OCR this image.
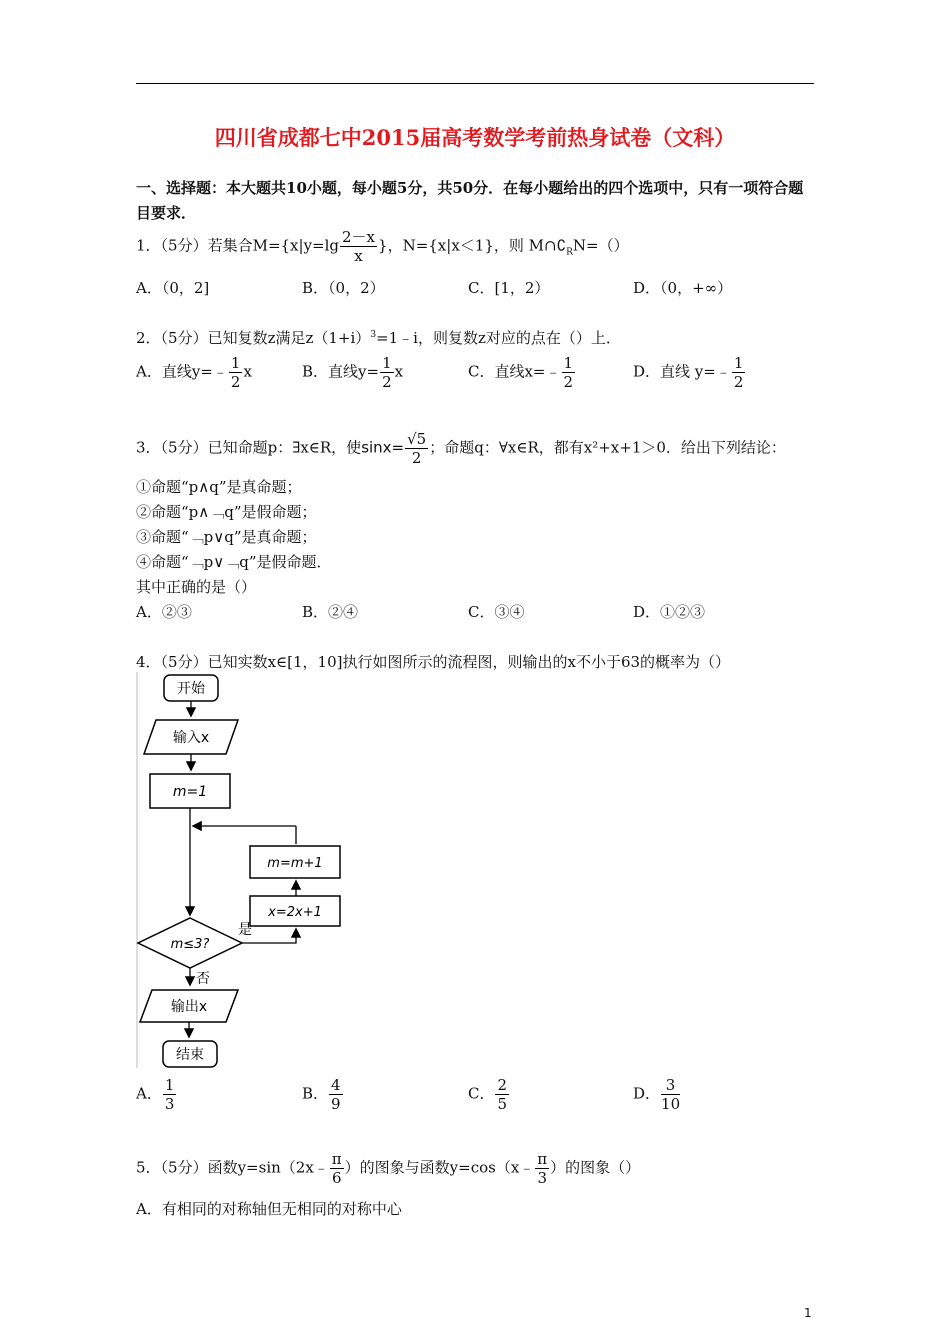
四川省成都七中2015届高考数学考前热身试卷（文科）
一、选择题：本大题共10小题，每小题5分，共50分．在每小题给出的四个选项中，只有一项符合题目要求．
1．（5分）若集合$M=\{x|y=\lg \frac{2-x}{x}$ }，N={x|x＜1}，则 $M\cap∁_RN=()$
A．（0，2]	B．（0，2）	C．[1，2）	D．（0，+∞）
2．（5分）已知复数z满足$z(1+i)^3=1﹣i$，则复数z对应的点在（）上．
A．直线y=﹣ $\frac{1}{2}$ x	B．直线$y= \frac{1}{2}$ x	C．直线x=﹣ $\frac{1}{2}$	D．直线 y=﹣ $\frac{1}{2}$
3．（5分）已知命题p：∃x∈R，使$\sin x= \frac{√5}{2}$ ；命题q：∀x∈R，都有x²+x+1＞0．给出下列结论：
①命题“p∧q”是真命题；
②命题“p∧﹁q”是假命题；
③命题“﹁p∨q”是真命题；
④命题“﹁p∨﹁q”是假命题．
其中正确的是（）
A．②③	B．②④	C．③④	D．①②③
4．（5分）已知实数x∈[1，10]执行如图所示的流程图，则输出的x不小于63的概率为（）
开始
输入x
m=1
m=m+1
x=2x+1
m≤3?
是
否
输出x
结束
A． $\frac{1}{3}$	B． $\frac{4}{9}$	C． $\frac{2}{5}$	D． $\frac{3}{10}$
5．（5分）函数y=sin（2x﹣ $\frac{\pi}{6}$ ）的图象与函数y=cos（x﹣ $\frac{\pi}{3}$ ）的图象（）
A．有相同的对称轴但无相同的对称中心
1
